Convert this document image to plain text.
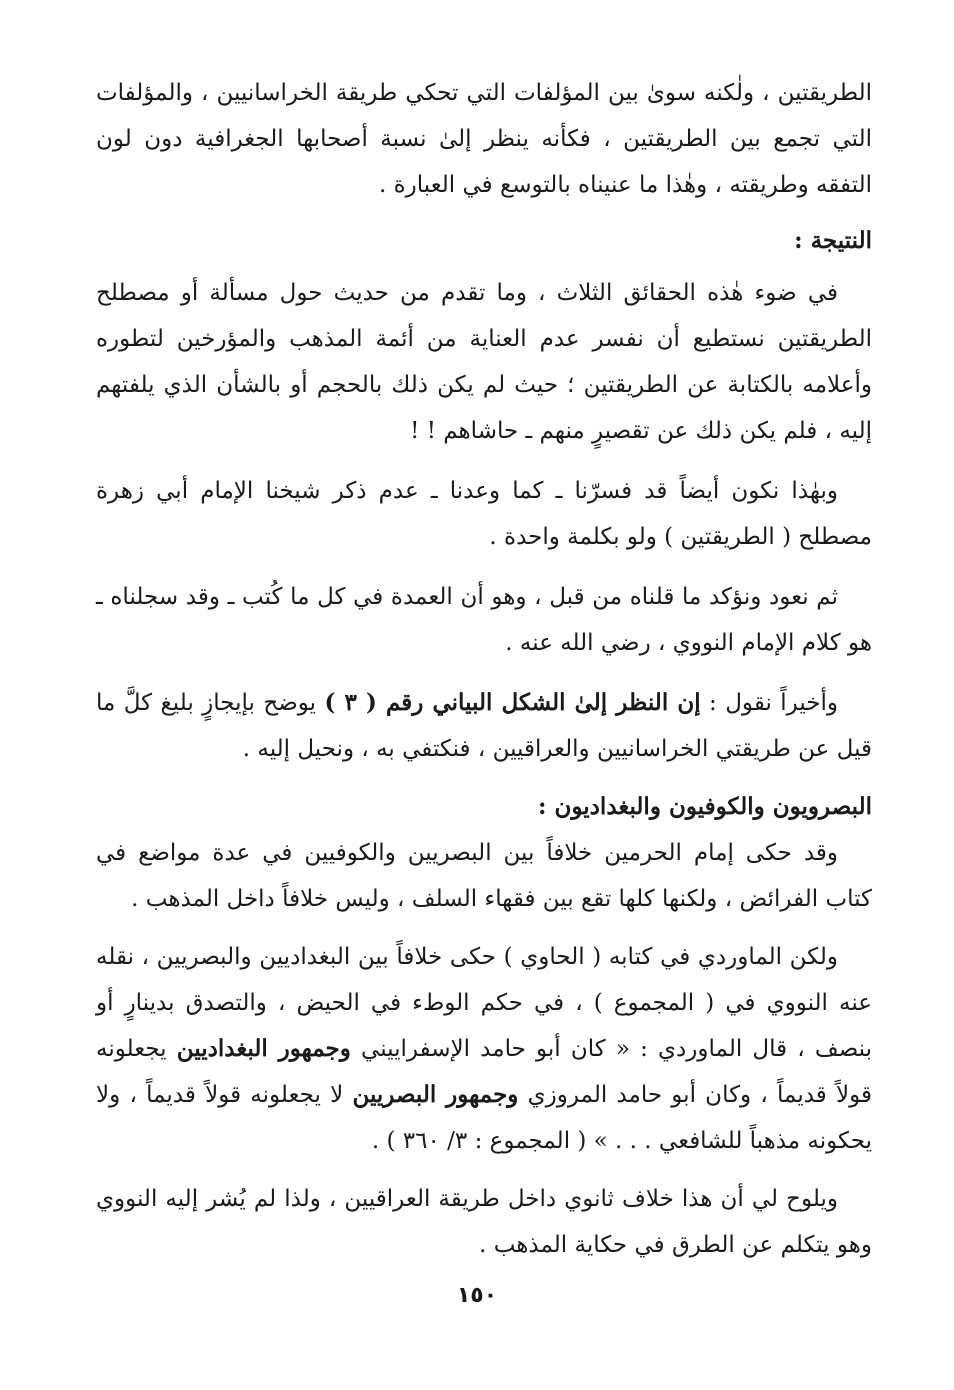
الطريقتين ، ولٰكنه سوىٰ بين المؤلفات التي تحكي طريقة الخراسانيين ، والمؤلفات التي تجمع بين الطريقتين ، فكأنه ينظر إلىٰ نسبة أصحابها الجغرافية دون لون التفقه وطريقته ، وهٰذا ما عنيناه بالتوسع في العبارة .

النتيجة :

في ضوء هٰذه الحقائق الثلاث ، وما تقدم من حديث حول مسألة أو مصطلح الطريقتين نستطيع أن نفسر عدم العناية من أئمة المذهب والمؤرخين لتطوره وأعلامه بالكتابة عن الطريقتين ؛ حيث لم يكن ذلك بالحجم أو بالشأن الذي يلفتهم إليه ، فلم يكن ذلك عن تقصيرٍ منهم ـ حاشاهم ! !

وبهٰذا نكون أيضاً قد فسرّنا ـ كما وعدنا ـ عدم ذكر شيخنا الإمام أبي زهرة مصطلح ( الطريقتين ) ولو بكلمة واحدة .

ثم نعود ونؤكد ما قلناه من قبل ، وهو أن العمدة في كل ما كُتب ـ وقد سجلناه ـ هو كلام الإمام النووي ، رضي الله عنه .

وأخيراً نقول : إن النظر إلىٰ الشكل البياني رقم ( ٣ ) يوضح بإيجازٍ بليغ كلَّ ما قيل عن طريقتي الخراسانيين والعراقيين ، فنكتفي به ، ونحيل إليه .

البصرويون والكوفيون والبغداديون :

وقد حكى إمام الحرمين خلافاً بين البصريين والكوفيين في عدة مواضع في كتاب الفرائض ، ولكنها كلها تقع بين فقهاء السلف ، وليس خلافاً داخل المذهب .

ولكن الماوردي في كتابه ( الحاوي ) حكى خلافاً بين البغداديين والبصريين ، نقله عنه النووي في ( المجموع ) ، في حكم الوطء في الحيض ، والتصدق بدينارٍ أو بنصف ، قال الماوردي : « كان أبو حامد الإسفراييني وجمهور البغداديين يجعلونه قولاً قديماً ، وكان أبو حامد المروزي وجمهور البصريين لا يجعلونه قولاً قديماً ، ولا يحكونه مذهباً للشافعي . . . » ( المجموع : ٣/ ٣٦٠ ) .

ويلوح لي أن هذا خلاف ثانوي داخل طريقة العراقيين ، ولذا لم يُشر إليه النووي وهو يتكلم عن الطرق في حكاية المذهب .

١٥٠
